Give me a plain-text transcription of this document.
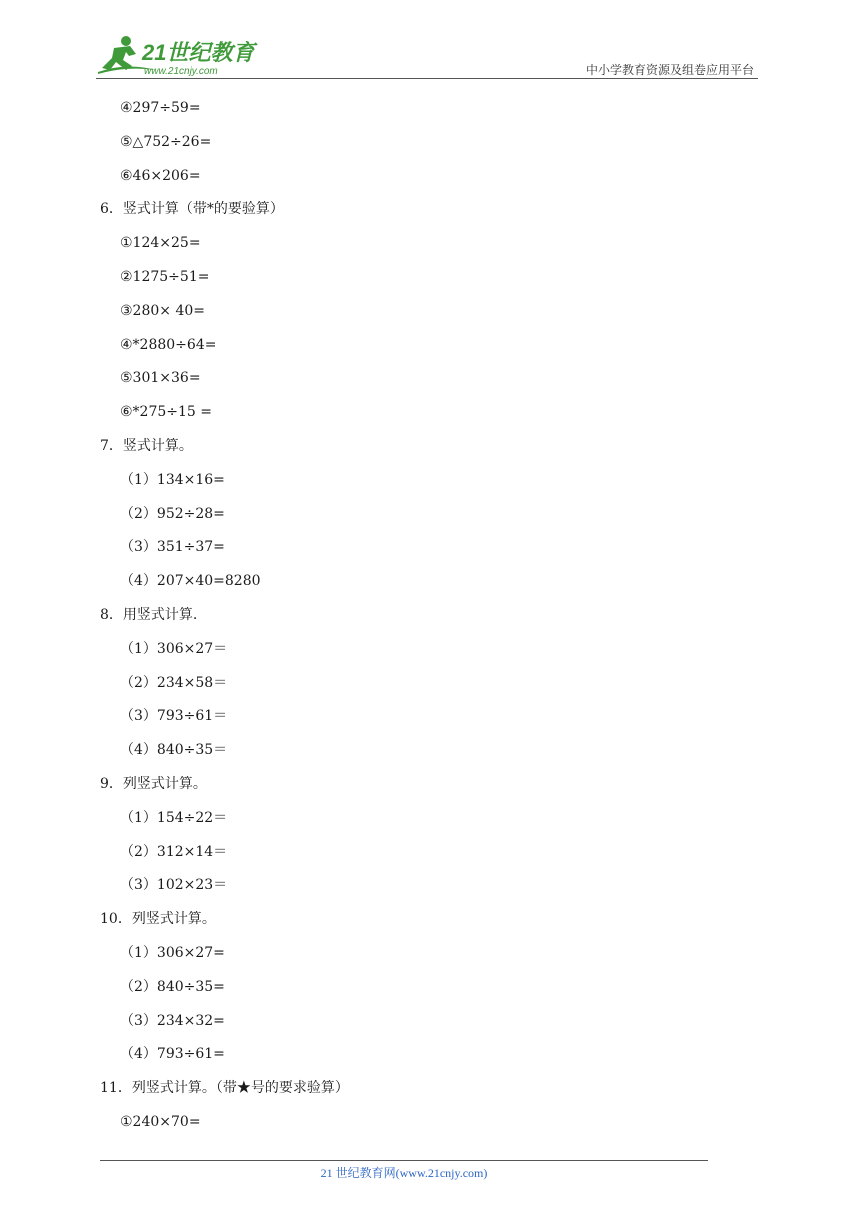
21世纪教育
www.21cnjy.com	中小学教育资源及组卷应用平台
④297÷59=
⑤△752÷26=
⑥46×206=
6．竖式计算（带*的要验算）
①124×25=
②1275÷51=
③280× 40=
④*2880÷64=
⑤301×36=
⑥*275÷15 =
7．竖式计算。
（1）134×16=
（2）952÷28=
（3）351÷37=
（4）207×40=8280
8．用竖式计算.
（1）306×27＝
（2）234×58＝
（3）793÷61＝
（4）840÷35＝
9．列竖式计算。
（1）154÷22＝
（2）312×14＝
（3）102×23＝
10．列竖式计算。
（1）306×27=
（2）840÷35=
（3）234×32=
（4）793÷61=
11．列竖式计算。（带★号的要求验算）
①240×70=
21 世纪教育网(www.21cnjy.com)
